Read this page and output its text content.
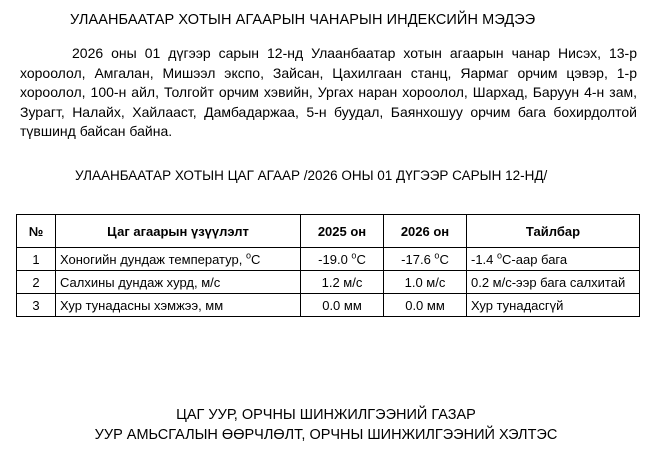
УЛААНБААТАР ХОТЫН АГААРЫН ЧАНАРЫН ИНДЕКСИЙН МЭДЭЭ
2026 оны 01 дүгээр сарын 12-нд Улаанбаатар хотын агаарын чанар Нисэх, 13-р хороолол, Амгалан, Мишээл экспо, Зайсан, Цахилгаан станц, Яармаг орчим цэвэр, 1-р хороолол, 100-н айл, Толгойт орчим хэвийн, Ургах наран хороолол, Шархад, Баруун 4-н зам, Зурагт, Налайх, Хайлааст, Дамбадаржаа, 5-н буудал, Баянхошуу орчим бага бохирдолтой түвшинд байсан байна.
УЛААНБААТАР ХОТЫН ЦАГ АГААР /2026 ОНЫ 01 ДҮГЭЭР САРЫН 12-НД/
№	Цаг агаарын үзүүлэлт	2025 он	2026 он	Тайлбар
1	Хоногийн дундаж температур, $^о$С	-19.0 $^о$С	-17.6 $^о$С	-1.4 $^о$С-аар бага
2	Салхины дундаж хурд, м/с	1.2 м/с	1.0 м/с	0.2 м/с-ээр бага салхитай
3	Хур тунадасны хэмжээ, мм	0.0 мм	0.0 мм	Хур тунадасгүй
ЦАГ УУР, ОРЧНЫ ШИНЖИЛГЭЭНИЙ ГАЗАР
УУР АМЬСГАЛЫН ӨӨРЧЛӨЛТ, ОРЧНЫ ШИНЖИЛГЭЭНИЙ ХЭЛТЭС
